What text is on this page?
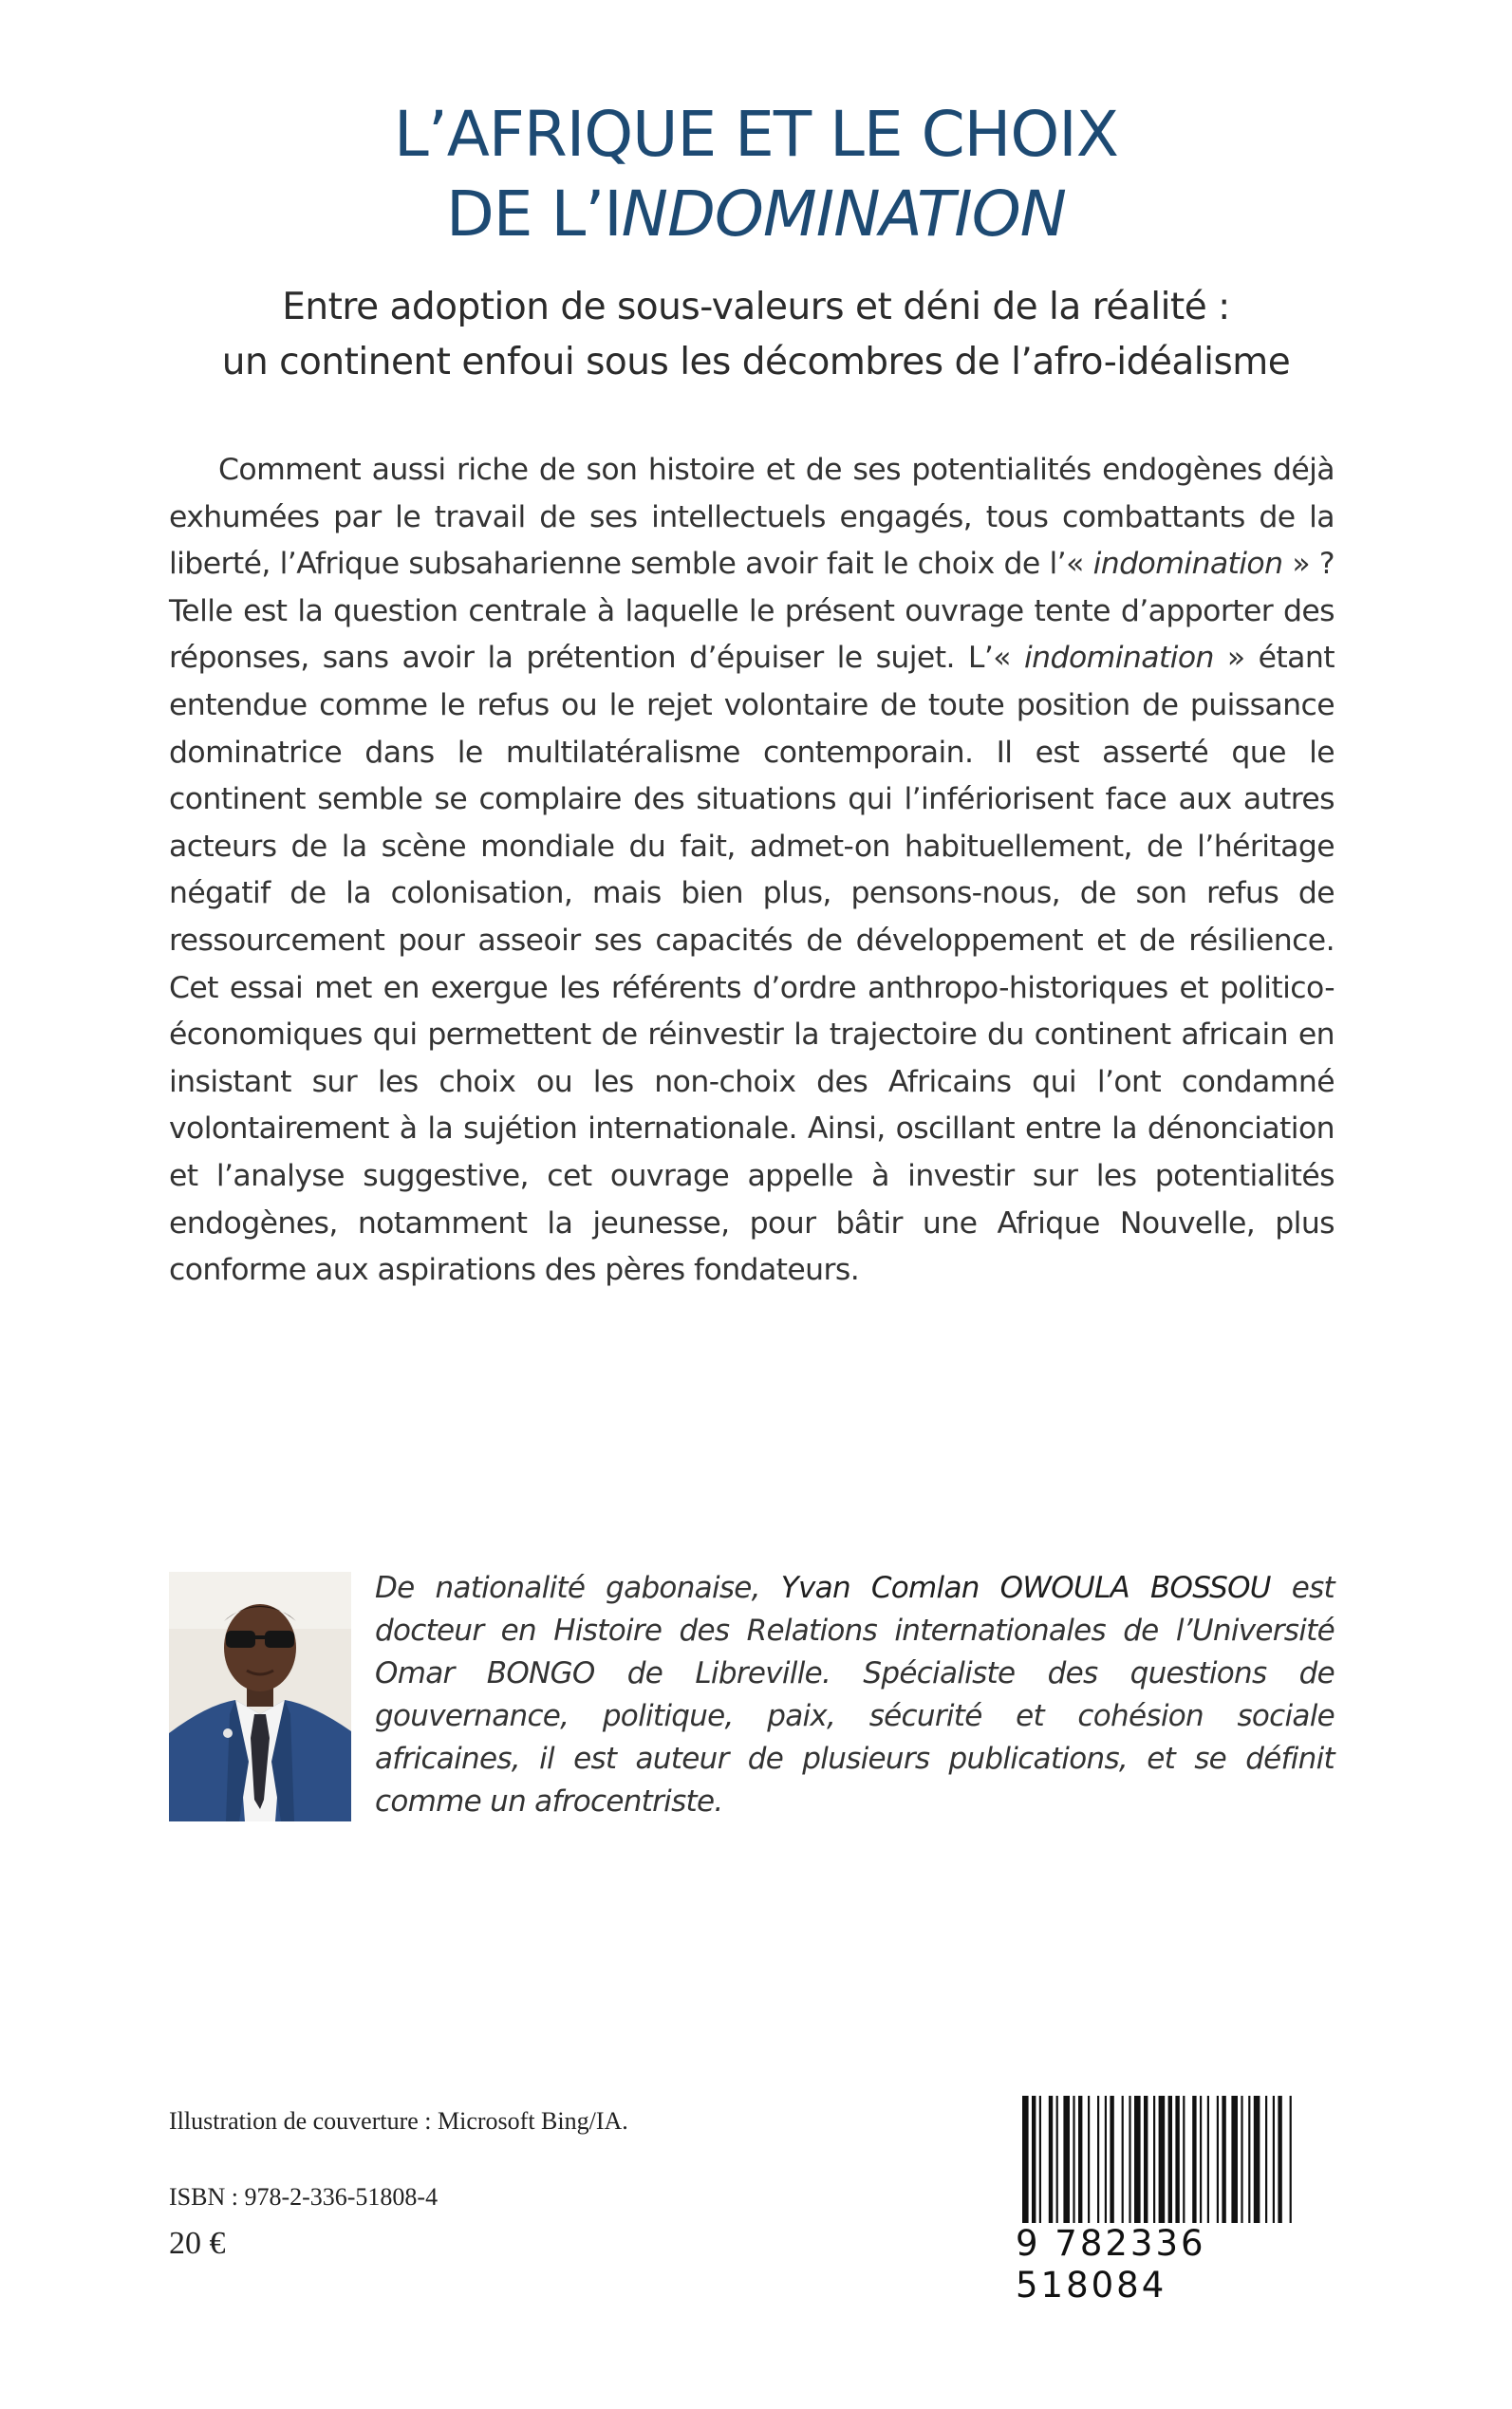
L’AFRIQUE ET LE CHOIX
DE L’INDOMINATION
Entre adoption de sous-valeurs et déni de la réalité :
un continent enfoui sous les décombres de l’afro-idéalisme

Comment aussi riche de son histoire et de ses potentialités endogènes déjà exhumées par le travail de ses intellectuels engagés, tous combattants de la liberté, l’Afrique subsaharienne semble avoir fait le choix de l’« indomination » ? Telle est la question centrale à laquelle le présent ouvrage tente d’apporter des réponses, sans avoir la prétention d’épuiser le sujet. L’« indomination » étant entendue comme le refus ou le rejet volontaire de toute position de puissance dominatrice dans le multilatéralisme contemporain. Il est asserté que le continent semble se complaire des situations qui l’infériorisent face aux autres acteurs de la scène mondiale du fait, admet-on habituellement, de l’héritage négatif de la colonisation, mais bien plus, pensons-nous, de son refus de ressourcement pour asseoir ses capacités de développement et de résilience. Cet essai met en exergue les référents d’ordre anthropo-historiques et politico-économiques qui permettent de réinvestir la trajectoire du continent africain en insistant sur les choix ou les non-choix des Africains qui l’ont condamné volontairement à la sujétion internationale. Ainsi, oscillant entre la dénonciation et l’analyse suggestive, cet ouvrage appelle à investir sur les potentialités endogènes, notamment la jeunesse, pour bâtir une Afrique Nouvelle, plus conforme aux aspirations des pères fondateurs.

De nationalité gabonaise, Yvan Comlan OWOULA BOSSOU est docteur en Histoire des Relations internationales de l’Université Omar BONGO de Libreville. Spécialiste des questions de gouvernance, politique, paix, sécurité et cohésion sociale africaines, il est auteur de plusieurs publications, et se définit comme un afrocentriste.

Illustration de couverture : Microsoft Bing/IA.
ISBN : 978-2-336-51808-4
20 €	9 782336 518084
